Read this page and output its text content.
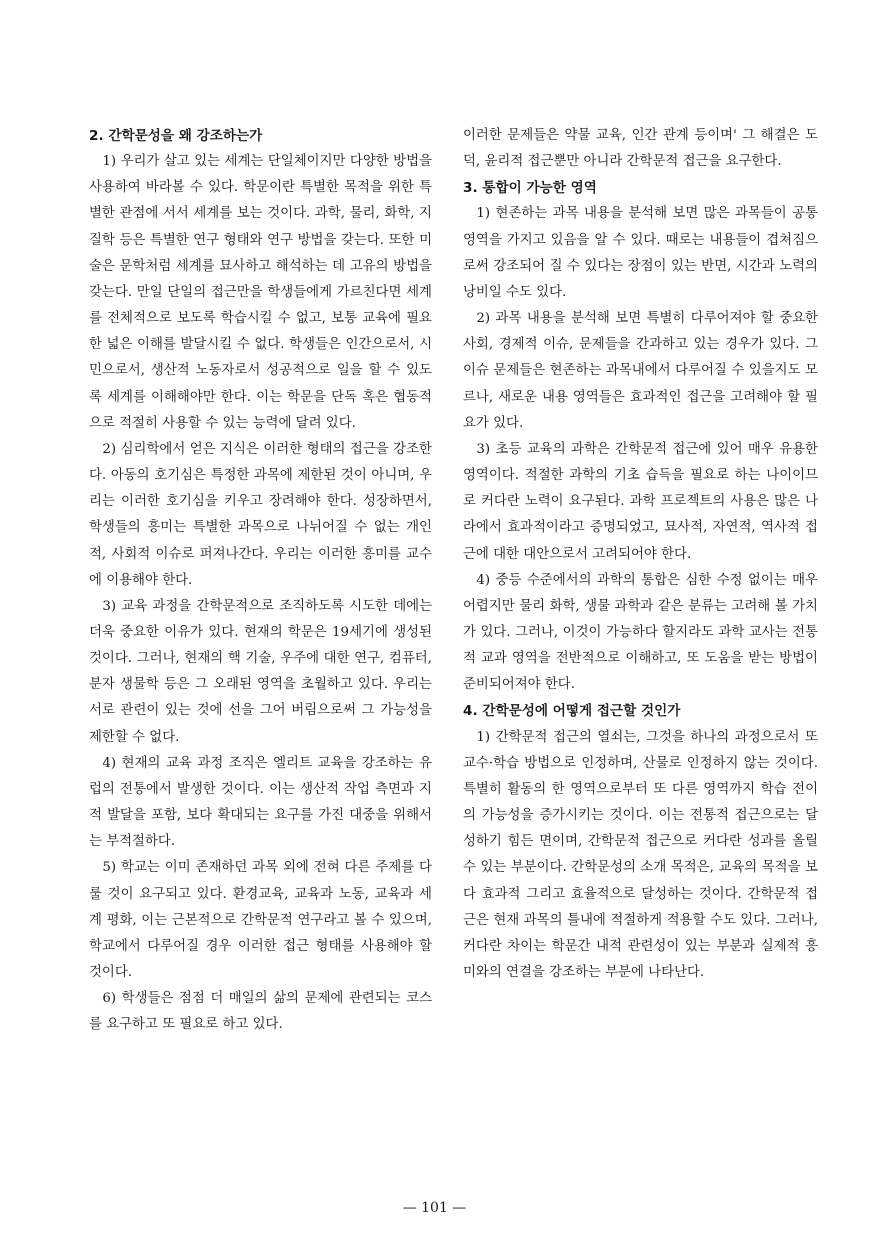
2. 간학문성을 왜 강조하는가

1) 우리가 살고 있는 세계는 단일체이지만 다양한 방법을 사용하여 바라볼 수 있다. 학문이란 특별한 목적을 위한 특별한 관점에 서서 세계를 보는 것이다. 과학, 물리, 화학, 지질학 등은 특별한 연구 형태와 연구 방법을 갖는다. 또한 미술은 문학처럼 세계를 묘사하고 해석하는 데 고유의 방법을 갖는다. 만일 단일의 접근만을 학생들에게 가르친다면 세계를 전체적으로 보도록 학습시킬 수 없고, 보통 교육에 필요한 넓은 이해를 발달시킬 수 없다. 학생들은 인간으로서, 시민으로서, 생산적 노동자로서 성공적으로 일을 할 수 있도록 세계를 이해해야만 한다. 이는 학문을 단독 혹은 협동적으로 적절히 사용할 수 있는 능력에 달려 있다.

2) 심리학에서 얻은 지식은 이러한 형태의 접근을 강조한다. 아동의 호기심은 특정한 과목에 제한된 것이 아니며, 우리는 이러한 호기심을 키우고 장려해야 한다. 성장하면서, 학생들의 흥미는 특별한 과목으로 나뉘어질 수 없는 개인적, 사회적 이슈로 퍼져나간다. 우리는 이러한 흥미를 교수에 이용해야 한다.

3) 교육 과정을 간학문적으로 조직하도록 시도한 데에는 더욱 중요한 이유가 있다. 현재의 학문은 19세기에 생성된 것이다. 그러나, 현재의 핵 기술, 우주에 대한 연구, 컴퓨터, 분자 생물학 등은 그 오래된 영역을 초월하고 있다. 우리는 서로 관련이 있는 것에 선을 그어 버림으로써 그 가능성을 제한할 수 없다.

4) 현재의 교육 과정 조직은 엘리트 교육을 강조하는 유럽의 전통에서 발생한 것이다. 이는 생산적 작업 측면과 지적 발달을 포함, 보다 확대되는 요구를 가진 대중을 위해서는 부적절하다.

5) 학교는 이미 존재하던 과목 외에 전혀 다른 주제를 다룰 것이 요구되고 있다. 환경교육, 교육과 노동, 교육과 세계 평화, 이는 근본적으로 간학문적 연구라고 볼 수 있으며, 학교에서 다루어질 경우 이러한 접근 형태를 사용해야 할 것이다.

6) 학생들은 점점 더 매일의 삶의 문제에 관련되는 코스를 요구하고 또 필요로 하고 있다.

이러한 문제들은 약물 교육, 인간 관계 등이며' 그 해결은 도덕, 윤리적 접근뿐만 아니라 간학문적 접근을 요구한다.

3. 통합이 가능한 영역

1) 현존하는 과목 내용을 분석해 보면 많은 과목들이 공통 영역을 가지고 있음을 알 수 있다. 때로는 내용들이 겹쳐짐으로써 강조되어 질 수 있다는 장점이 있는 반면, 시간과 노력의 낭비일 수도 있다.

2) 과목 내용을 분석해 보면 특별히 다루어져야 할 중요한 사회, 경제적 이슈, 문제들을 간과하고 있는 경우가 있다. 그 이슈 문제들은 현존하는 과목내에서 다루어질 수 있을지도 모르나, 새로운 내용 영역들은 효과적인 접근을 고려해야 할 필요가 있다.

3) 초등 교육의 과학은 간학문적 접근에 있어 매우 유용한 영역이다. 적절한 과학의 기초 습득을 필요로 하는 나이이므로 커다란 노력이 요구된다. 과학 프로젝트의 사용은 많은 나라에서 효과적이라고 증명되었고, 묘사적, 자연적, 역사적 접근에 대한 대안으로서 고려되어야 한다.

4) 중등 수준에서의 과학의 통합은 심한 수정 없이는 매우 어렵지만 물리 화학, 생물 과학과 같은 분류는 고려해 볼 가치가 있다. 그러나, 이것이 가능하다 할지라도 과학 교사는 전통적 교과 영역을 전반적으로 이해하고, 또 도움을 받는 방법이 준비되어져야 한다.

4. 간학문성에 어떻게 접근할 것인가

1) 간학문적 접근의 열쇠는, 그것을 하나의 과정으로서 또 교수·학습 방법으로 인정하며, 산물로 인정하지 않는 것이다. 특별히 활동의 한 영역으로부터 또 다른 영역까지 학습 전이의 가능성을 증가시키는 것이다. 이는 전통적 접근으로는 달성하기 힘든 면이며, 간학문적 접근으로 커다란 성과를 올릴 수 있는 부분이다. 간학문성의 소개 목적은, 교육의 목적을 보다 효과적 그리고 효율적으로 달성하는 것이다. 간학문적 접근은 현재 과목의 틀내에 적절하게 적용할 수도 있다. 그러나, 커다란 차이는 학문간 내적 관련성이 있는 부분과 실제적 흥미와의 연결을 강조하는 부분에 나타난다.

— 101 —
